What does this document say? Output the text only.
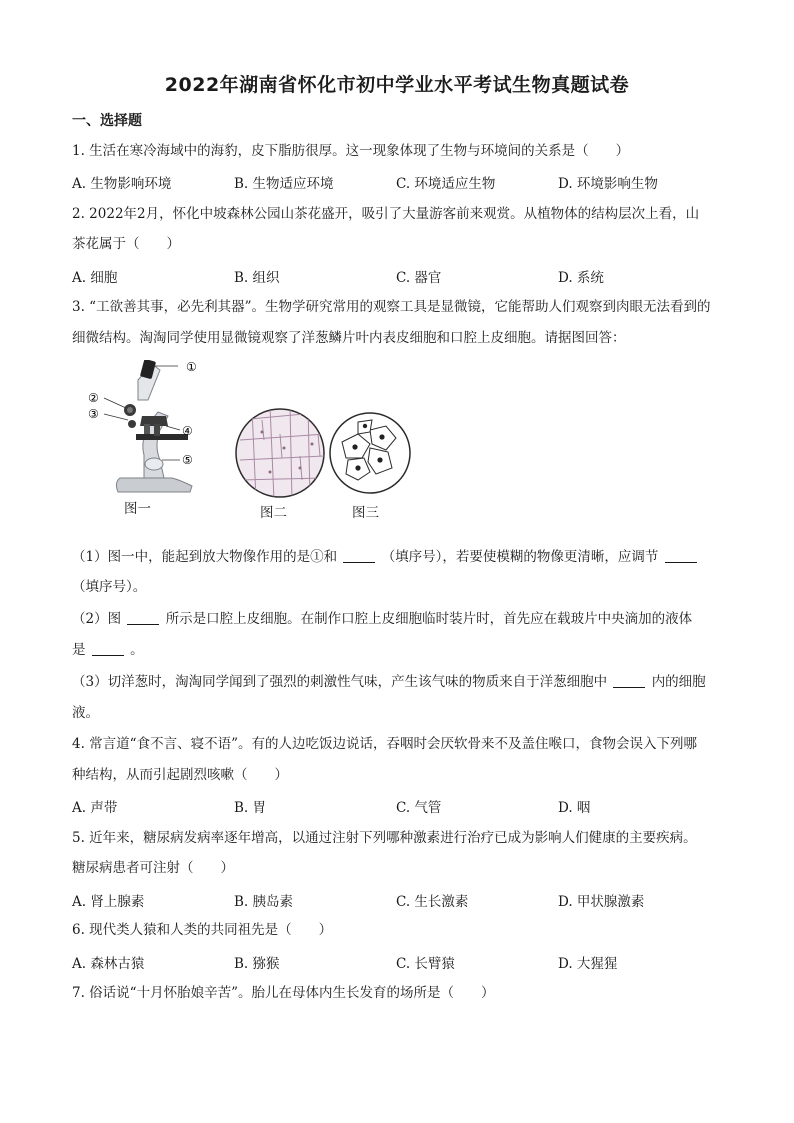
2022年湖南省怀化市初中学业水平考试生物真题试卷
一、选择题
1. 生活在寒冷海域中的海豹，皮下脂肪很厚。这一现象体现了生物与环境间的关系是（　　）
A. 生物影响环境	B. 生物适应环境	C. 环境适应生物	D. 环境影响生物
2. 2022年2月，怀化中坡森林公园山茶花盛开，吸引了大量游客前来观赏。从植物体的结构层次上看，山
茶花属于（　　）
A. 细胞	B. 组织	C. 器官	D. 系统
3. “工欲善其事，必先利其器”。生物学研究常用的观察工具是显微镜，它能帮助人们观察到肉眼无法看到的
细微结构。淘淘同学使用显微镜观察了洋葱鳞片叶内表皮细胞和口腔上皮细胞。请据图回答：
①
②
③
④
⑤
图一	图二	图三
（1）图一中，能起到放大物像作用的是①和	（填序号），若要使模糊的物像更清晰，应调节
（填序号）。
（2）图	所示是口腔上皮细胞。在制作口腔上皮细胞临时装片时，首先应在载玻片中央滴加的液体
是	。
（3）切洋葱时，淘淘同学闻到了强烈的刺激性气味，产生该气味的物质来自于洋葱细胞中	内的细胞
液。
4. 常言道“食不言、寝不语”。有的人边吃饭边说话，吞咽时会厌软骨来不及盖住喉口，食物会误入下列哪
种结构，从而引起剧烈咳嗽（　　）
A. 声带	B. 胃	C. 气管	D. 咽
5. 近年来，糖尿病发病率逐年增高，以通过注射下列哪种激素进行治疗已成为影响人们健康的主要疾病。
糖尿病患者可注射（　　）
A. 肾上腺素	B. 胰岛素	C. 生长激素	D. 甲状腺激素
6. 现代类人猿和人类的共同祖先是（　　）
A. 森林古猿	B. 猕猴	C. 长臂猿	D. 大猩猩
7. 俗话说“十月怀胎娘辛苦”。胎儿在母体内生长发育的场所是（　　）
